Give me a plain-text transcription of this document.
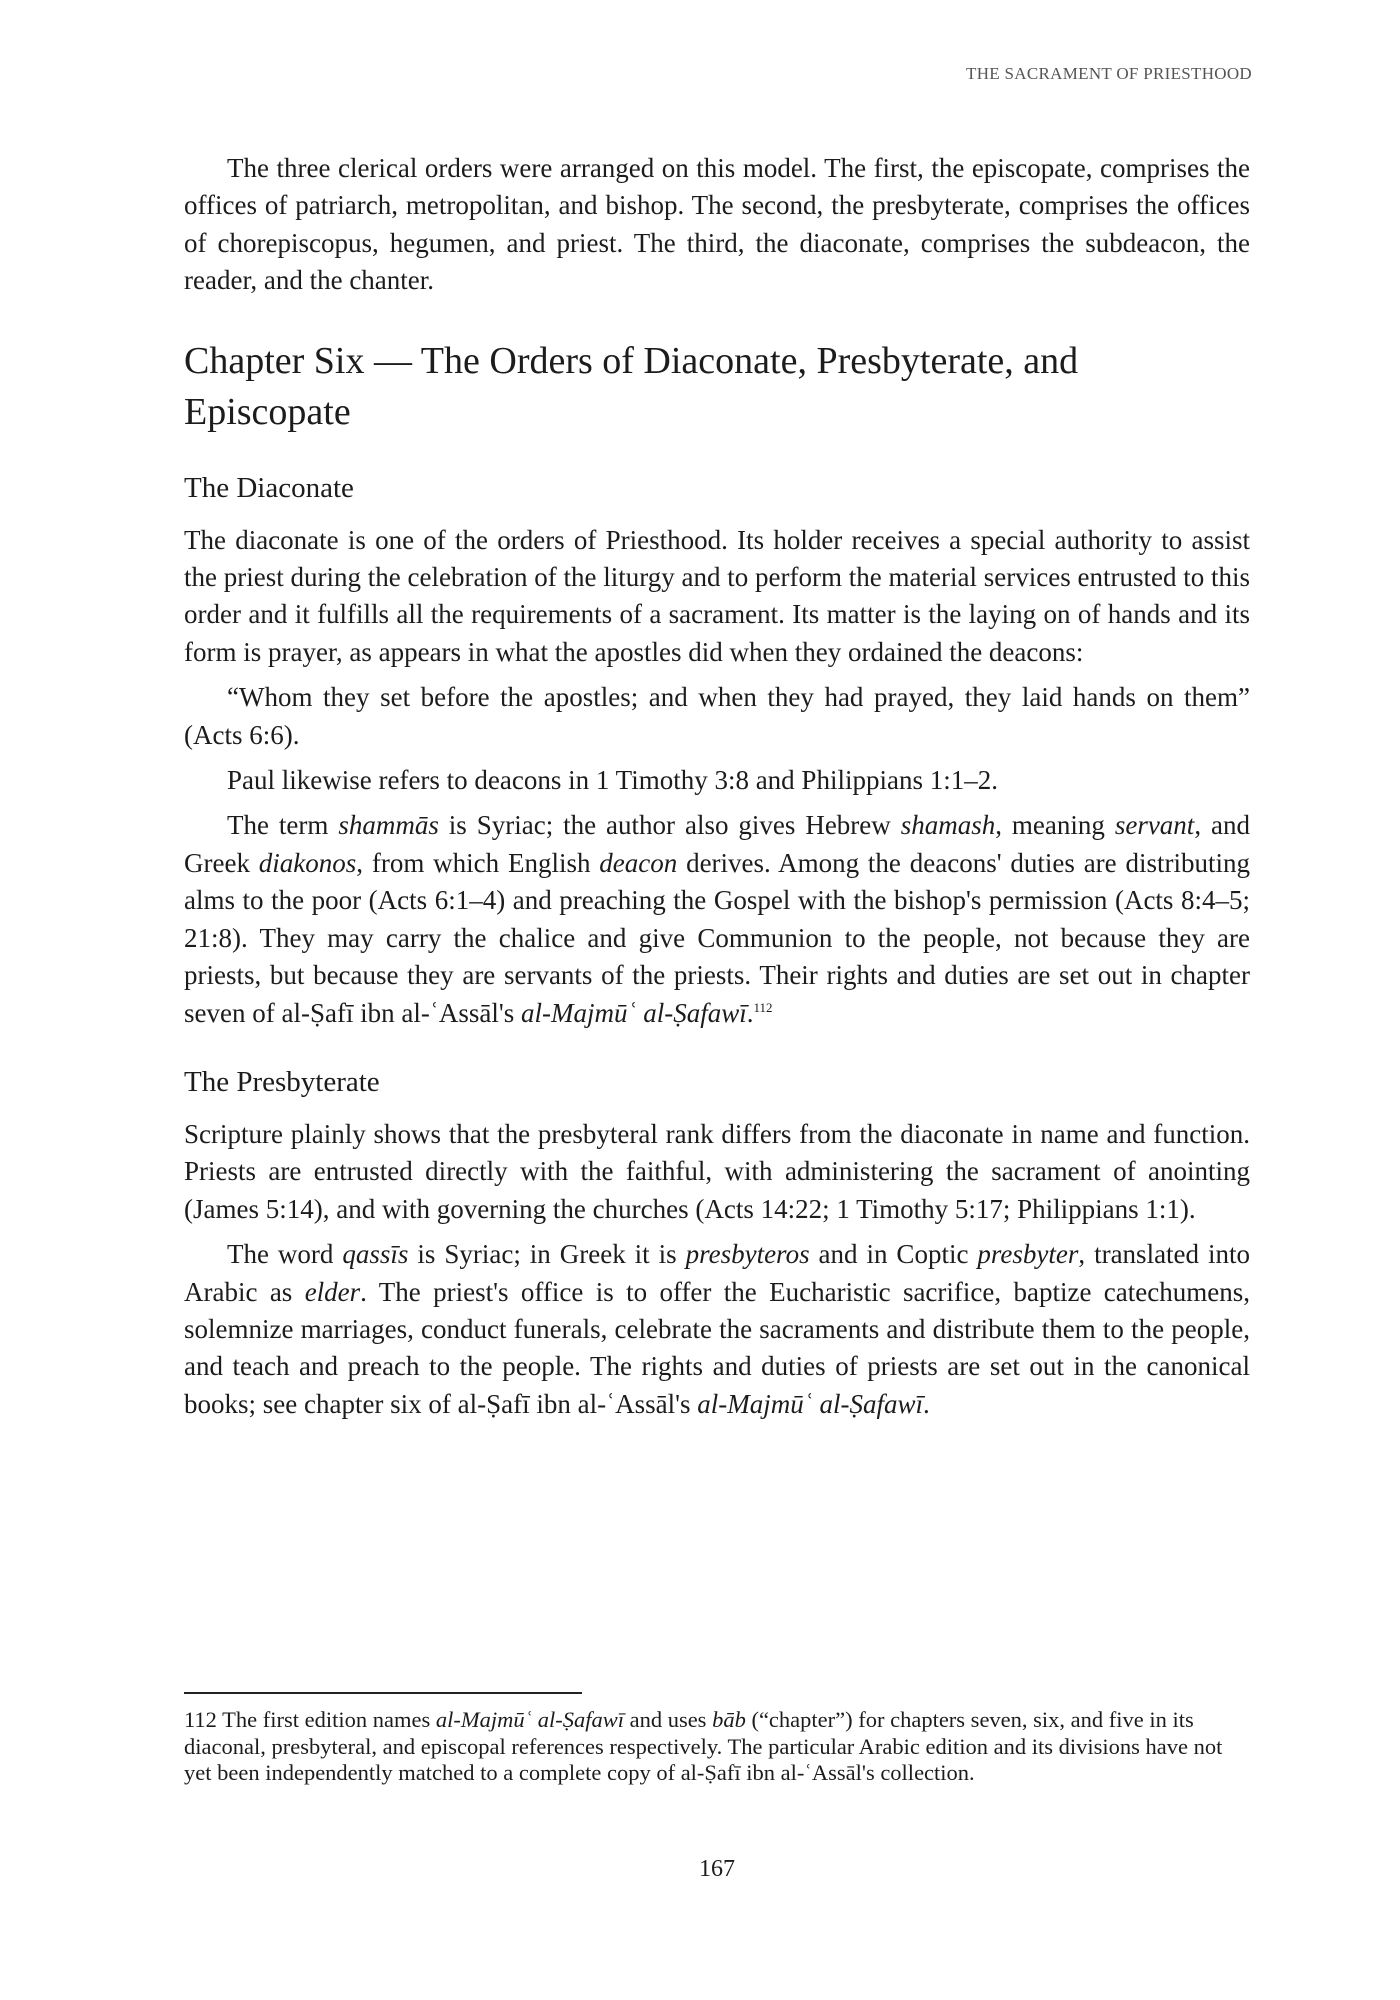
THE SACRAMENT OF PRIESTHOOD

The three clerical orders were arranged on this model. The first, the episcopate, comprises the offices of patriarch, metropolitan, and bishop. The second, the presbyterate, comprises the offices of chorepiscopus, hegumen, and priest. The third, the diaconate, comprises the subdeacon, the reader, and the chanter.

Chapter Six — The Orders of Diaconate, Presbyterate, and Episcopate
The Diaconate

The diaconate is one of the orders of Priesthood. Its holder receives a special authority to assist the priest during the celebration of the liturgy and to perform the material services entrusted to this order and it fulfills all the requirements of a sacrament. Its matter is the laying on of hands and its form is prayer, as appears in what the apostles did when they ordained the deacons:

“Whom they set before the apostles; and when they had prayed, they laid hands on them” (Acts 6:6).

Paul likewise refers to deacons in 1 Timothy 3:8 and Philippians 1:1–2.

The term shammās is Syriac; the author also gives Hebrew shamash, meaning servant, and Greek diakonos, from which English deacon derives. Among the deacons' duties are distributing alms to the poor (Acts 6:1–4) and preaching the Gospel with the bishop's permission (Acts 8:4–5; 21:8). They may carry the chalice and give Communion to the people, not because they are priests, but because they are servants of the priests. Their rights and duties are set out in chapter seven of al-Ṣafī ibn al-ʿAssāl's al-Majmūʿ al-Ṣafawī.$^{112}$

The Presbyterate

Scripture plainly shows that the presbyteral rank differs from the diaconate in name and function. Priests are entrusted directly with the faithful, with administering the sacrament of anointing (James 5:14), and with governing the churches (Acts 14:22; 1 Timothy 5:17; Philippians 1:1).

The word qassīs is Syriac; in Greek it is presbyteros and in Coptic presbyter, translated into Arabic as elder. The priest's office is to offer the Eucharistic sacrifice, baptize catechumens, solemnize marriages, conduct funerals, celebrate the sacraments and distribute them to the people, and teach and preach to the people. The rights and duties of priests are set out in the canonical books; see chapter six of al-Ṣafī ibn al-ʿAssāl's al-Majmūʿ al-Ṣafawī.

112 The first edition names al-Majmūʿ al-Ṣafawī and uses bāb (“chapter”) for chapters seven, six, and five in its diaconal, presbyteral, and episcopal references respectively. The particular Arabic edition and its divisions have not yet been independently matched to a complete copy of al-Ṣafī ibn al-ʿAssāl's collection.

167
